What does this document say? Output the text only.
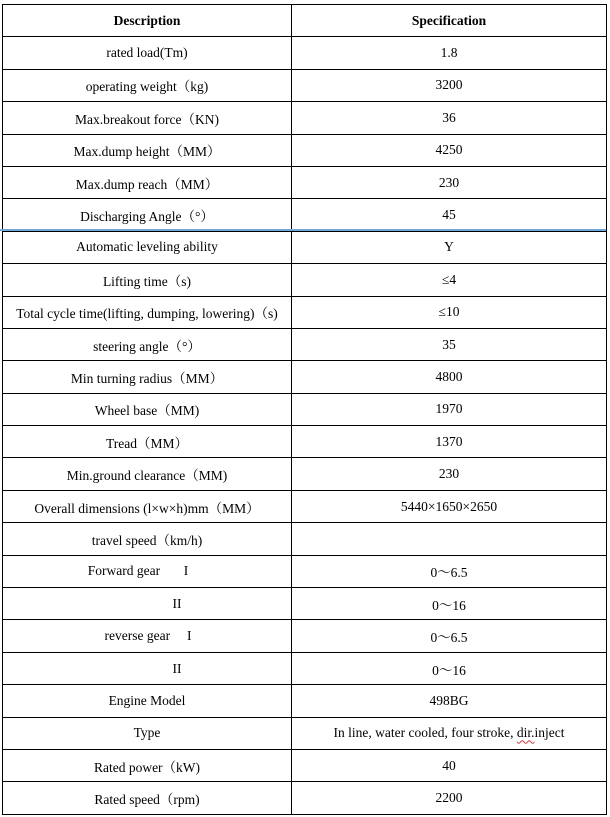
Description	Specification
rated load(Tm)	1.8
operating weight（kg)	3200
Max.breakout force（KN)	36
Max.dump height（MM）	4250
Max.dump reach（MM）	230
Discharging Angle（°）	45
Automatic leveling ability	Y
Lifting time（s)	≤4
Total cycle time(lifting, dumping, lowering)（s)	≤10
steering angle（°）	35
Min turning radius（MM）	4800
Wheel base（MM)	1970
Tread（MM）	1370
Min.ground clearance（MM)	230
Overall dimensions (l×w×h)mm（MM）	5440×1650×2650
travel speed（km/h)	
Forward gear       I	0～6.5
II	0～16
reverse gear     I	0～6.5
II	0～16
Engine Model	498BG
Type	In line, water cooled, four stroke, dir.inject
Rated power（kW)	40
Rated speed（rpm)	2200
